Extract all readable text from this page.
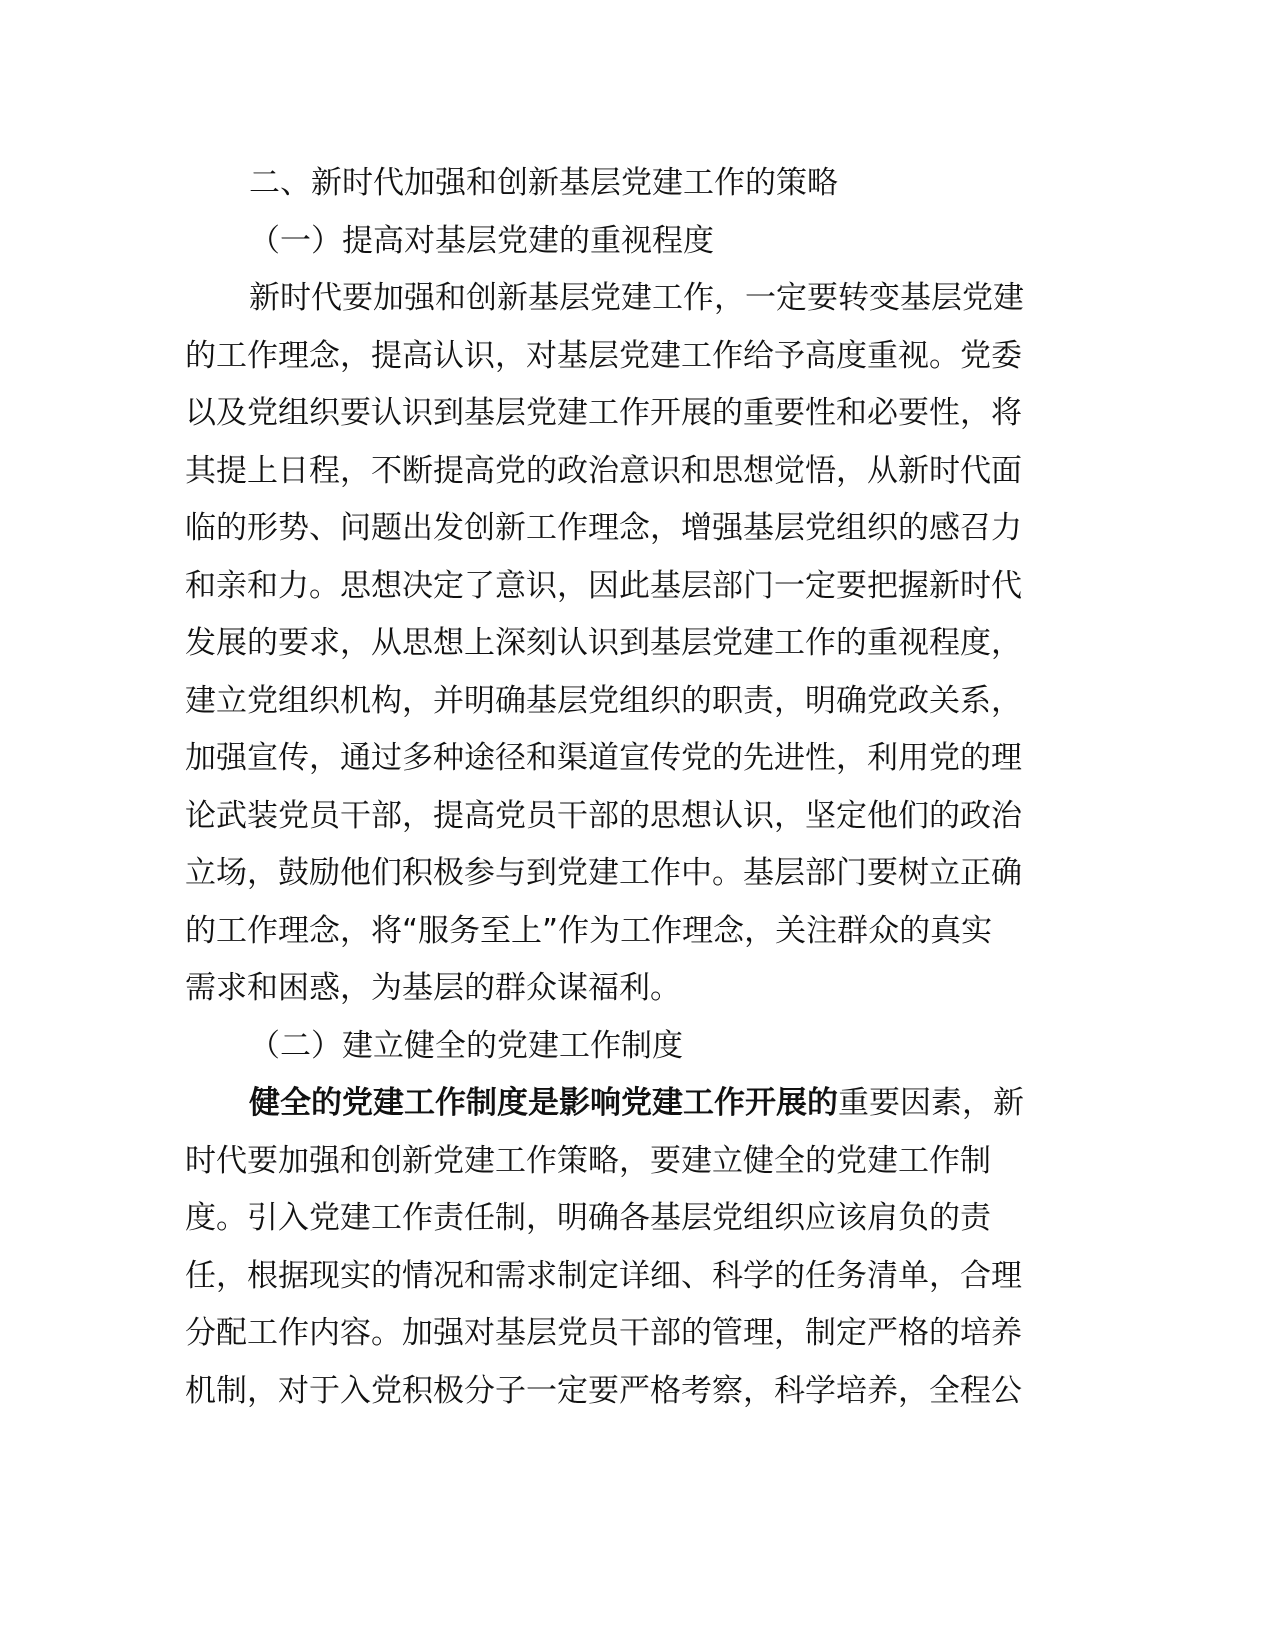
二、新时代加强和创新基层党建工作的策略
（一）提高对基层党建的重视程度
新时代要加强和创新基层党建工作，一定要转变基层党建
的工作理念，提高认识，对基层党建工作给予高度重视。党委
以及党组织要认识到基层党建工作开展的重要性和必要性，将
其提上日程，不断提高党的政治意识和思想觉悟，从新时代面
临的形势、问题出发创新工作理念，增强基层党组织的感召力
和亲和力。思想决定了意识，因此基层部门一定要把握新时代
发展的要求，从思想上深刻认识到基层党建工作的重视程度，
建立党组织机构，并明确基层党组织的职责，明确党政关系，
加强宣传，通过多种途径和渠道宣传党的先进性，利用党的理
论武装党员干部，提高党员干部的思想认识，坚定他们的政治
立场，鼓励他们积极参与到党建工作中。基层部门要树立正确
的工作理念，将“服务至上”作为工作理念，关注群众的真实
需求和困惑，为基层的群众谋福利。
（二）建立健全的党建工作制度
健全的党建工作制度是影响党建工作开展的重要因素，新
时代要加强和创新党建工作策略，要建立健全的党建工作制
度。引入党建工作责任制，明确各基层党组织应该肩负的责
任，根据现实的情况和需求制定详细、科学的任务清单，合理
分配工作内容。加强对基层党员干部的管理，制定严格的培养
机制，对于入党积极分子一定要严格考察，科学培养，全程公
